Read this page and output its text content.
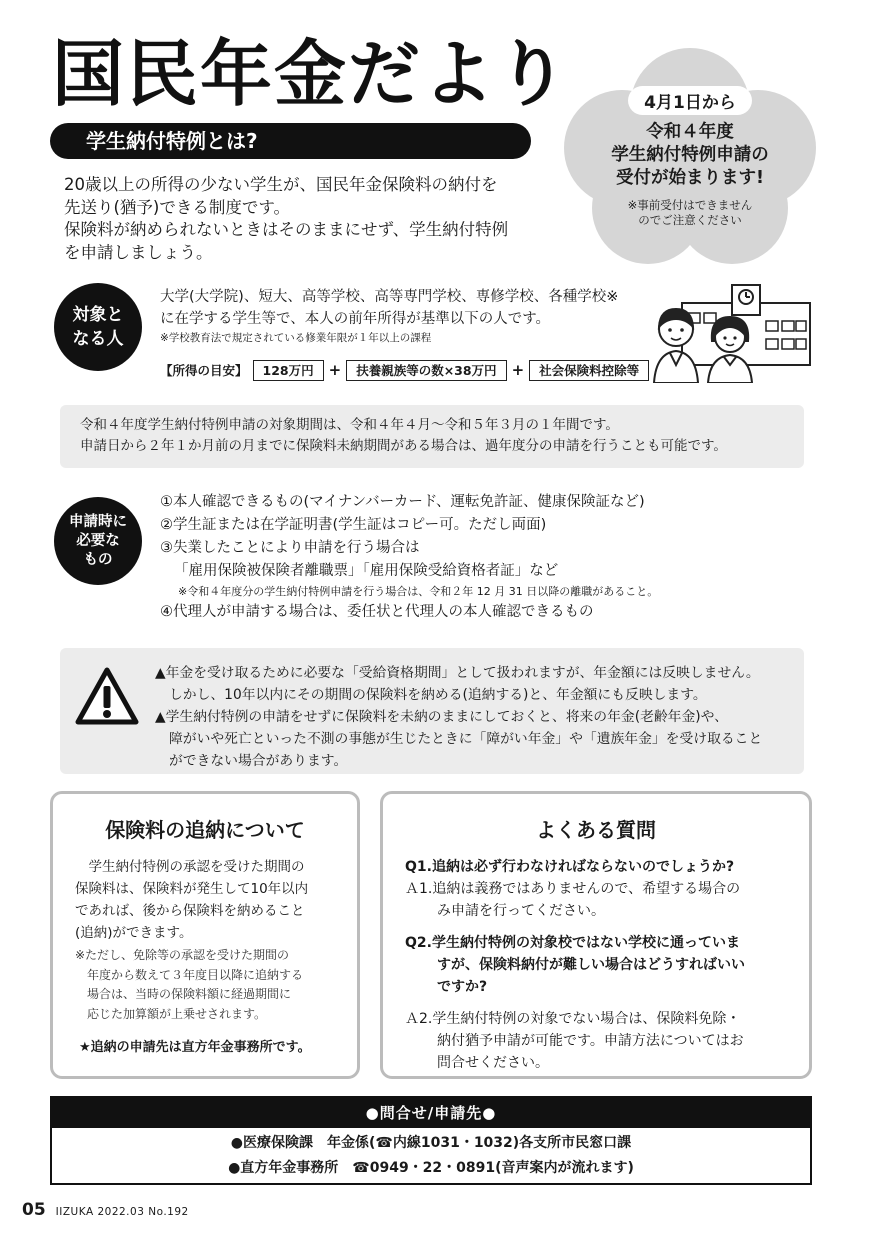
国民年金だより
学生納付特例とは?

20歳以上の所得の少ない学生が、国民年金保険料の納付を

先送り(猶予)できる制度です。

保険料が納められないときはそのままにせず、学生納付特例

を申請しましょう。

4月1日から
令和４年度
学生納付特例申請の
受付が始まります!
※事前受付はできません
のでご注意ください
対象と
なる人

大学(大学院)、短大、高等学校、高等専門学校、専修学校、各種学校※

に在学する学生等で、本人の前年所得が基準以下の人です。

※学校教育法で規定されている修業年限が１年以上の課程

【所得の目安】	128万円	+	扶養親族等の数×38万円	+	社会保険料控除等

令和４年度学生納付特例申請の対象期間は、令和４年４月～令和５年３月の１年間です。

申請日から２年１か月前の月までに保険料未納期間がある場合は、過年度分の申請を行うことも可能です。

申請時に
必要な
もの

①本人確認できるもの(マイナンバーカード、運転免許証、健康保険証など)

②学生証または在学証明書(学生証はコピー可。ただし両面)

③失業したことにより申請を行う場合は

「雇用保険被保険者離職票」「雇用保険受給資格者証」など

※令和４年度分の学生納付特例申請を行う場合は、令和２年 12 月 31 日以降の離職があること。

④代理人が申請する場合は、委任状と代理人の本人確認できるもの

▲年金を受け取るために必要な「受給資格期間」として扱われますが、年金額には反映しません。

しかし、10年以内にその期間の保険料を納める(追納する)と、年金額にも反映します。

▲学生納付特例の申請をせずに保険料を未納のままにしておくと、将来の年金(老齢年金)や、

障がいや死亡といった不測の事態が生じたときに「障がい年金」や「遺族年金」を受け取ること

ができない場合があります。

保険料の追納について

　学生納付特例の承認を受けた期間の

保険料は、保険料が発生して10年以内

であれば、後から保険料を納めること

(追納)ができます。

※ただし、免除等の承認を受けた期間の

　年度から数えて３年度目以降に追納する

　場合は、当時の保険料額に経過期間に

　応じた加算額が上乗せされます。

★追納の申請先は直方年金事務所です。
よくある質問

Q1.追納は必ず行わなければならないのでしょうか?

Ａ1.追納は義務ではありませんので、希望する場合の

み申請を行ってください。

Q2.学生納付特例の対象校ではない学校に通っていま

すが、保険料納付が難しい場合はどうすればいい

ですか?

Ａ2.学生納付特例の対象でない場合は、保険料免除・

納付猶予申請が可能です。申請方法についてはお

問合せください。

●問合せ/申請先●
●医療保険課　年金係(☎内線1031・1032)各支所市民窓口課
●直方年金事務所　☎0949・22・0891(音声案内が流れます)
05 IIZUKA 2022.03 No.192
